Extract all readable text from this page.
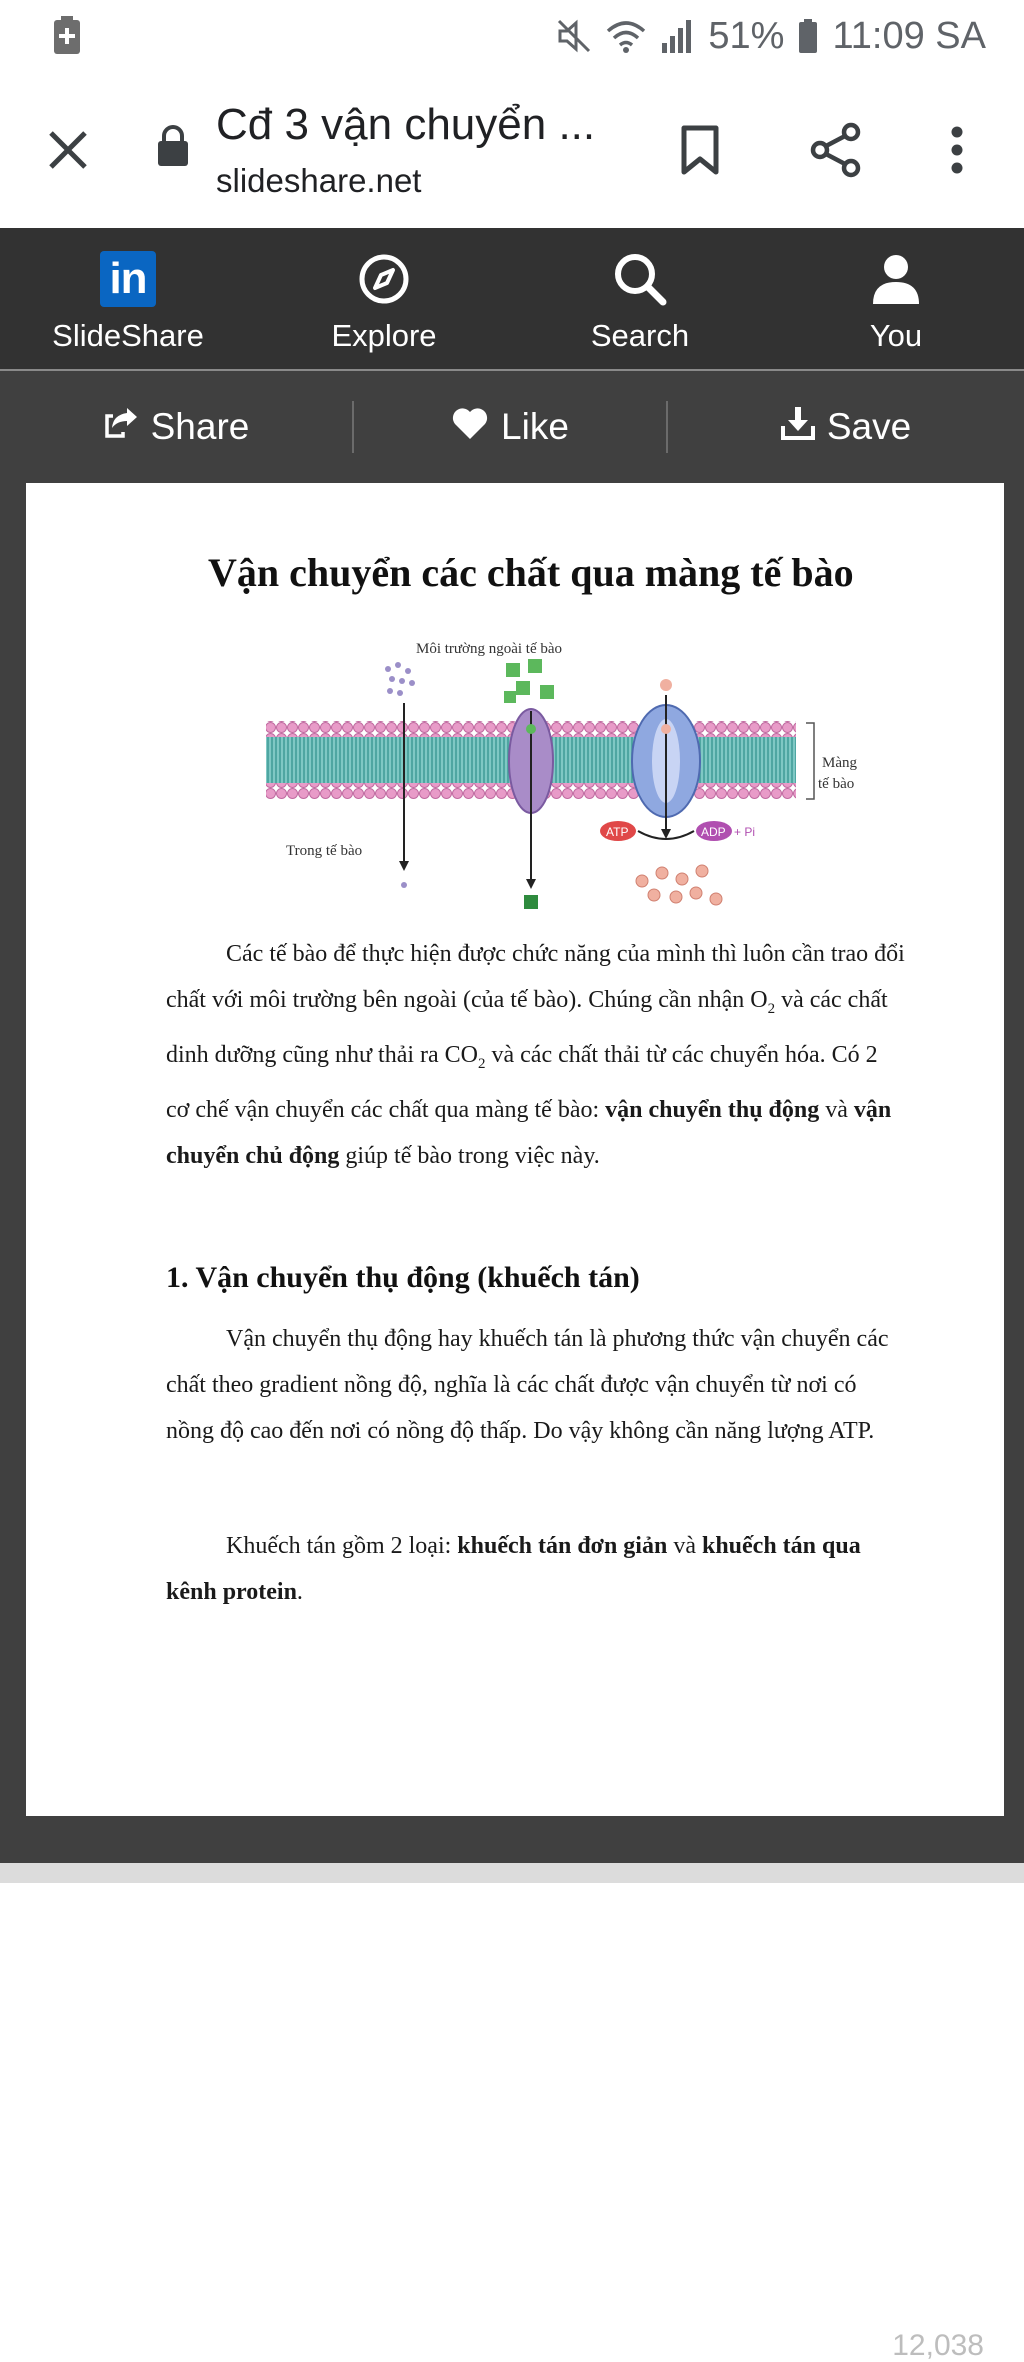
51% 11:09 SA
Cđ 3 vận chuyển ...
slideshare.net
in
SlideShare	Explore	Search	You
Share	Like	Save
Vận chuyển các chất qua màng tế bào
Môi trường ngoài tế bào
Màng
tế bào
Trong tế bào
ATP	ADP + Pi
Các tế bào để thực hiện được chức năng của mình thì luôn cần trao đổi chất với môi trường bên ngoài (của tế bào). Chúng cần nhận $O_2$ và các chất dinh dưỡng cũng như thải ra $CO_2$ và các chất thải từ các chuyển hóa. Có 2 cơ chế vận chuyển các chất qua màng tế bào: vận chuyển thụ động và vận chuyển chủ động giúp tế bào trong việc này.
1. Vận chuyển thụ động (khuếch tán)
Vận chuyển thụ động hay khuếch tán là phương thức vận chuyển các chất theo gradient nồng độ, nghĩa là các chất được vận chuyển từ nơi có nồng độ cao đến nơi có nồng độ thấp. Do vậy không cần năng lượng ATP.
Khuếch tán gồm 2 loại: khuếch tán đơn giản và khuếch tán qua kênh protein.
12,038
